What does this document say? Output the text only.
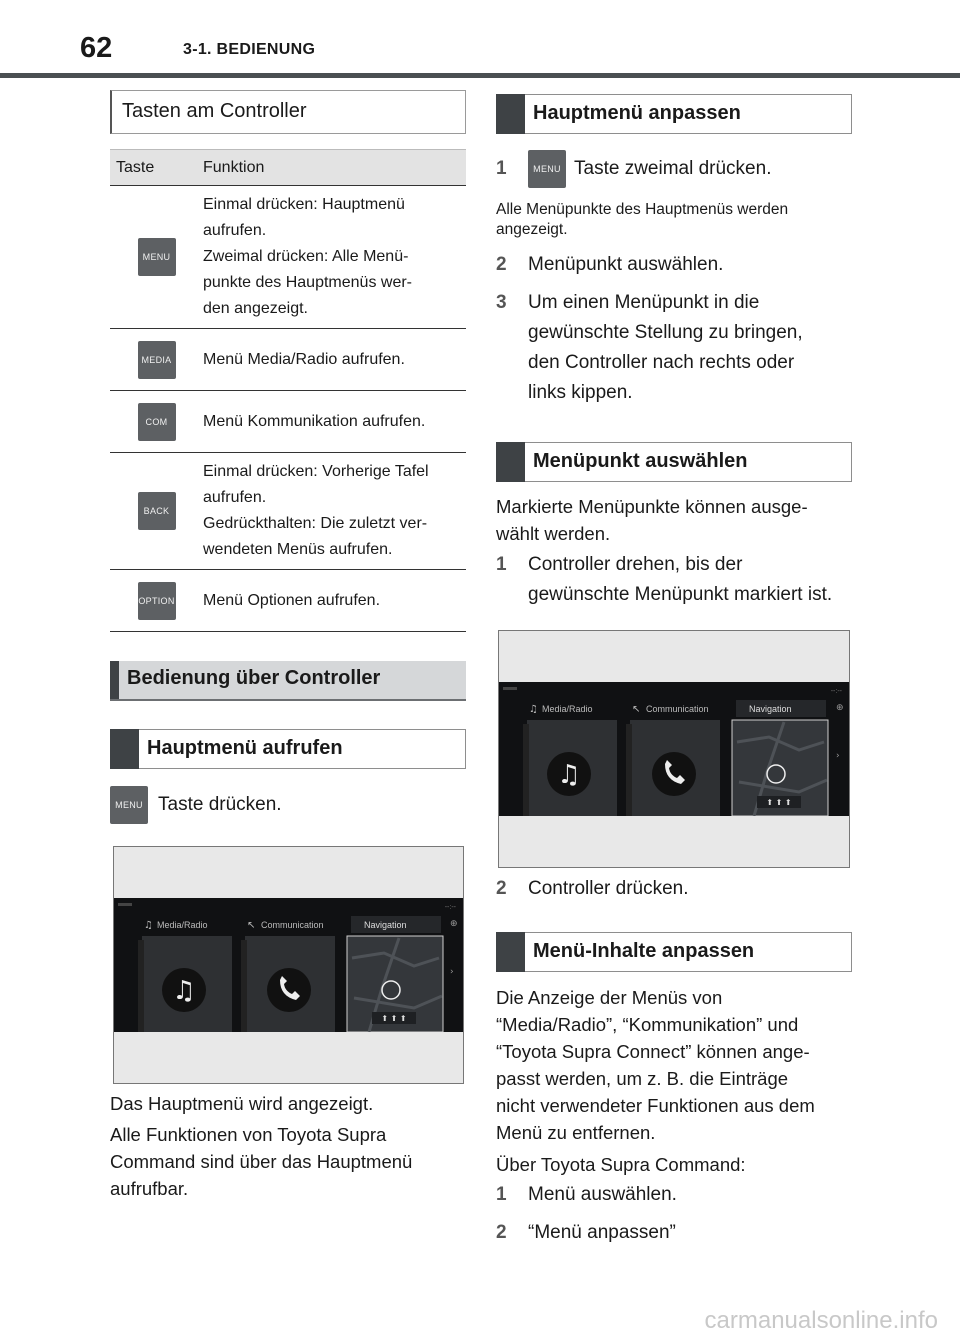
62	3-1. BEDIENUNG
Tasten am Controller
Taste	Funktion
MENU	Einmal drücken: Hauptmenü
aufrufen.
Zweimal drücken: Alle Menü-
punkte des Hauptmenüs wer-
den angezeigt.

MEDIA	Menü Media/Radio aufrufen.

COM	Menü Kommunikation aufrufen.

BACK	Einmal drücken: Vorherige Tafel
aufrufen.
Gedrückthalten: Die zuletzt ver-
wendeten Menüs aufrufen.

OPTION	Menü Optionen aufrufen.
Bedienung über Controller
Hauptmenü aufrufen
MENU Taste drücken.
--:--
Media/Radio	Communication	Navigation
♫	↖
♫
⬆ ⬆ ⬆
›
⊕

Das Hauptmenü wird angezeigt.

Alle Funktionen von Toyota Supra

Command sind über das Hauptmenü

aufrufbar.

Hauptmenü anpassen
1	MENU Taste zweimal drücken.

Alle Menüpunkte des Hauptmenüs werden

angezeigt.

2	Menüpunkt auswählen.
3	Um einen Menüpunkt in die
gewünschte Stellung zu bringen,
den Controller nach rechts oder
links kippen.
Menüpunkt auswählen

Markierte Menüpunkte können ausge-

wählt werden.

1	Controller drehen, bis der
gewünschte Menüpunkt markiert ist.
--:--
Media/Radio	Communication	Navigation
♫	↖
♫
⬆ ⬆ ⬆
›
⊕
2	Controller drücken.
Menü-Inhalte anpassen

Die Anzeige der Menüs von

“Media/Radio”, “Kommunikation” und

“Toyota Supra Connect” können ange-

passt werden, um z. B. die Einträge

nicht verwendeter Funktionen aus dem

Menü zu entfernen.

Über Toyota Supra Command:

1	Menü auswählen.
2	“Menü anpassen”
carmanualsonline.info
